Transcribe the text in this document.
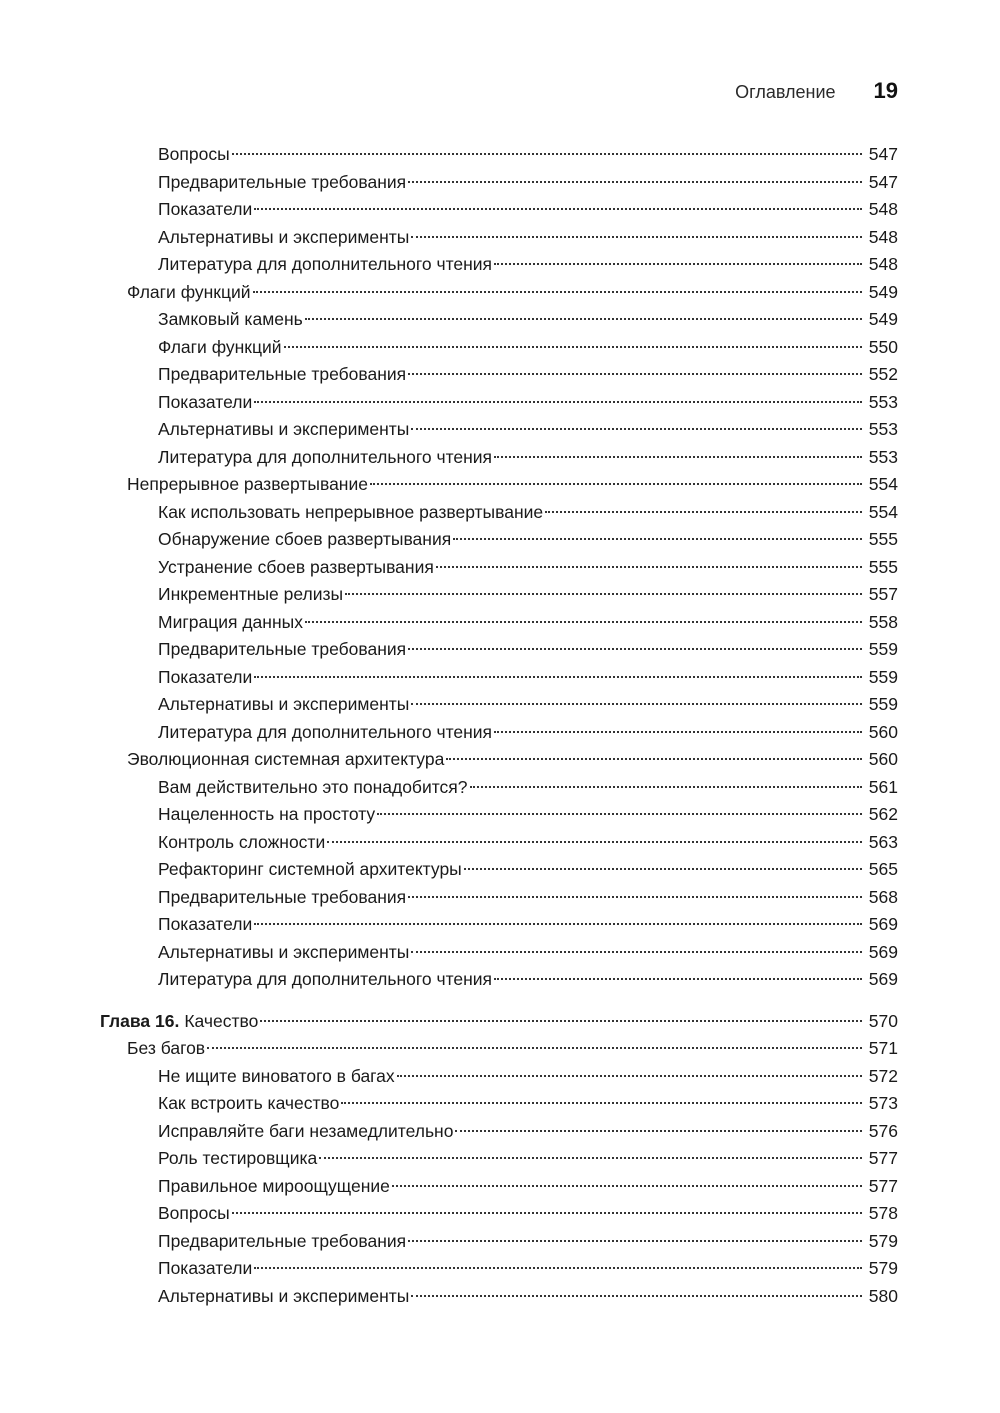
Оглавление 19
Вопросы	547
Предварительные требования	547
Показатели	548
Альтернативы и эксперименты	548
Литература для дополнительного чтения	548
Флаги функций	549
Замковый камень	549
Флаги функций	550
Предварительные требования	552
Показатели	553
Альтернативы и эксперименты	553
Литература для дополнительного чтения	553
Непрерывное развертывание	554
Как использовать непрерывное развертывание	554
Обнаружение сбоев развертывания	555
Устранение сбоев развертывания	555
Инкрементные релизы	557
Миграция данных	558
Предварительные требования	559
Показатели	559
Альтернативы и эксперименты	559
Литература для дополнительного чтения	560
Эволюционная системная архитектура	560
Вам действительно это понадобится?	561
Нацеленность на простоту	562
Контроль сложности	563
Рефакторинг системной архитектуры	565
Предварительные требования	568
Показатели	569
Альтернативы и эксперименты	569
Литература для дополнительного чтения	569
Глава 16. Качество	570
Без багов	571
Не ищите виноватого в багах	572
Как встроить качество	573
Исправляйте баги незамедлительно	576
Роль тестировщика	577
Правильное мироощущение	577
Вопросы	578
Предварительные требования	579
Показатели	579
Альтернативы и эксперименты	580
